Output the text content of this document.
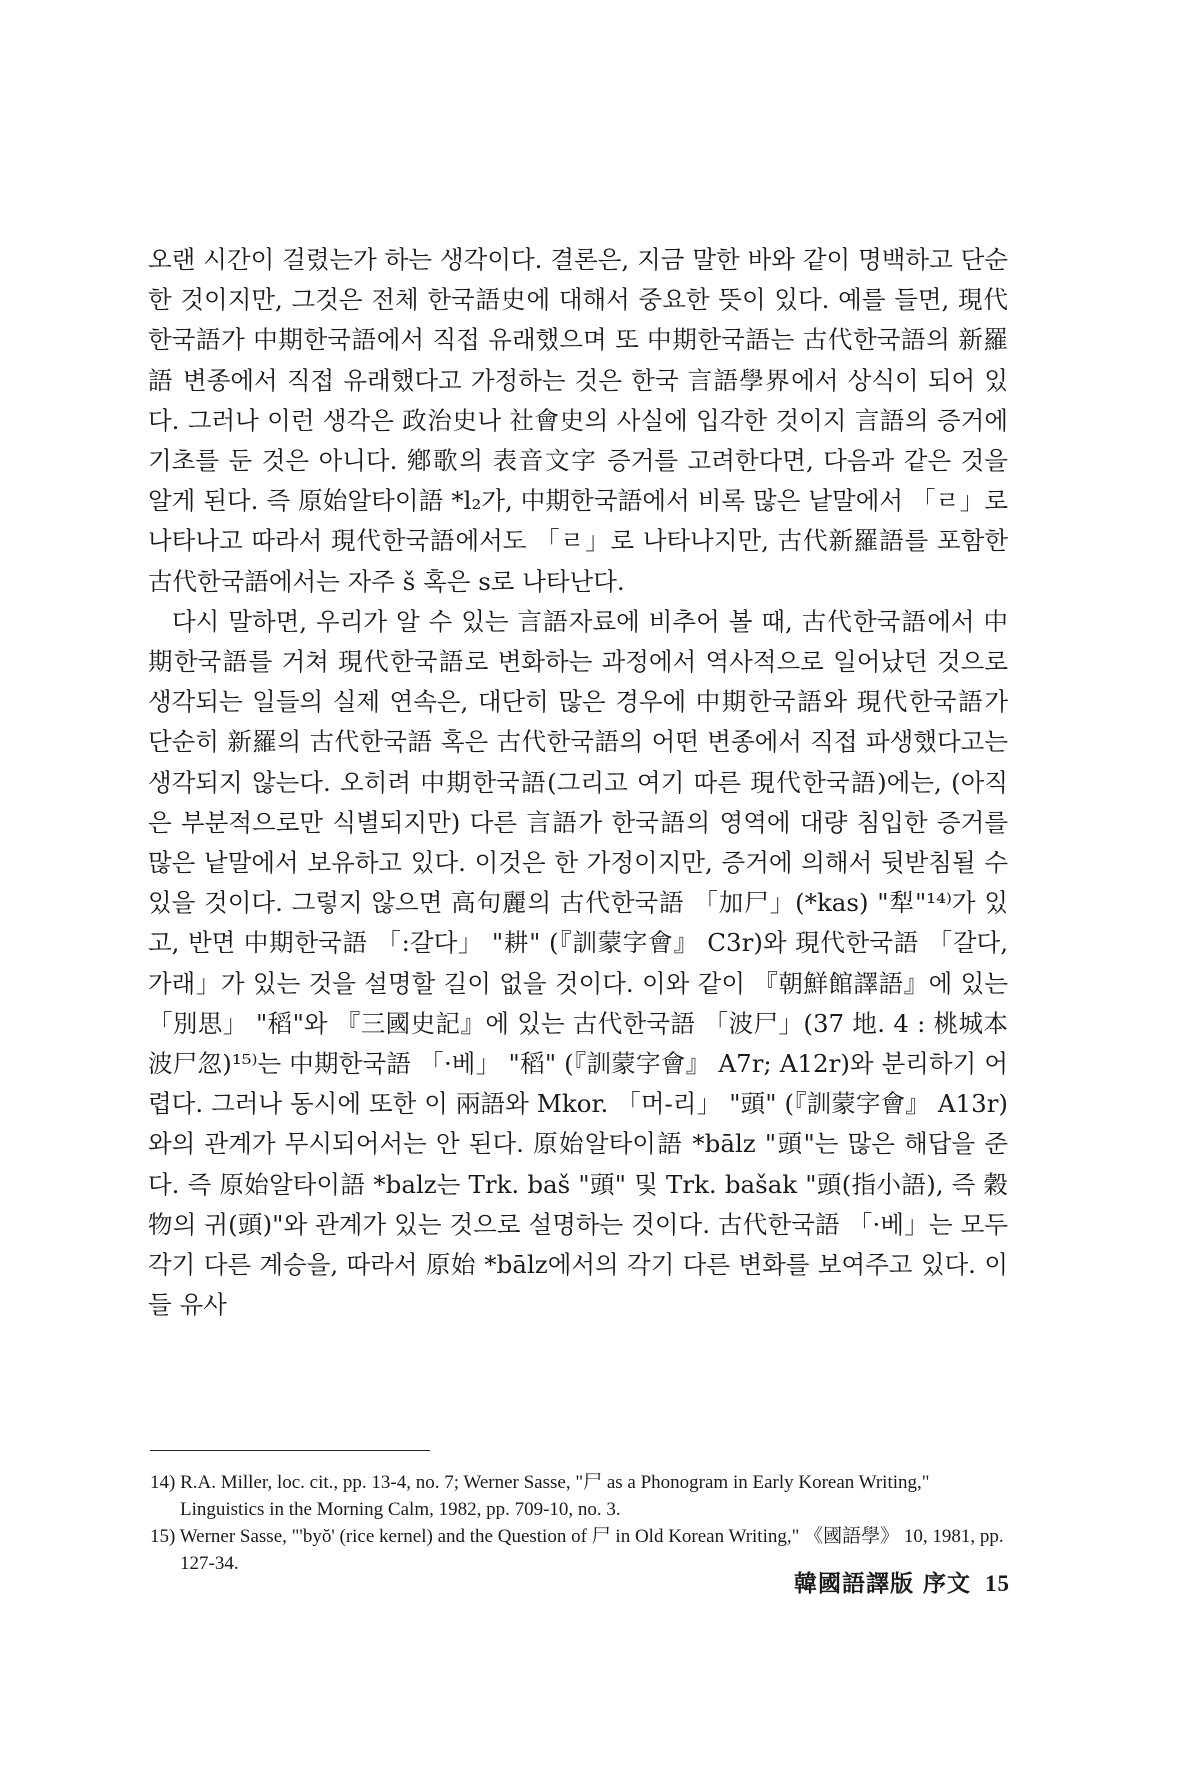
오랜 시간이 걸렸는가 하는 생각이다. 결론은, 지금 말한 바와 같이 명백하고 단순한 것이지만, 그것은 전체 한국語史에 대해서 중요한 뜻이 있다. 예를 들면, 現代한국語가 中期한국語에서 직접 유래했으며 또 中期한국語는 古代한국語의 新羅語 변종에서 직접 유래했다고 가정하는 것은 한국 言語學界에서 상식이 되어 있다. 그러나 이런 생각은 政治史나 社會史의 사실에 입각한 것이지 言語의 증거에 기초를 둔 것은 아니다. 鄕歌의 表音文字 증거를 고려한다면, 다음과 같은 것을 알게 된다. 즉 原始알타이語 *l₂가, 中期한국語에서 비록 많은 낱말에서 「ㄹ」로 나타나고 따라서 現代한국語에서도 「ㄹ」로 나타나지만, 古代新羅語를 포함한 古代한국語에서는 자주 š 혹은 s로 나타난다.

다시 말하면, 우리가 알 수 있는 言語자료에 비추어 볼 때, 古代한국語에서 中期한국語를 거쳐 現代한국語로 변화하는 과정에서 역사적으로 일어났던 것으로 생각되는 일들의 실제 연속은, 대단히 많은 경우에 中期한국語와 現代한국語가 단순히 新羅의 古代한국語 혹은 古代한국語의 어떤 변종에서 직접 파생했다고는 생각되지 않는다. 오히려 中期한국語(그리고 여기 따른 現代한국語)에는, (아직은 부분적으로만 식별되지만) 다른 言語가 한국語의 영역에 대량 침입한 증거를 많은 낱말에서 보유하고 있다. 이것은 한 가정이지만, 증거에 의해서 뒷받침될 수 있을 것이다. 그렇지 않으면 高句麗의 古代한국語 「加尸」(*kas) "犁"¹⁴⁾가 있고, 반면 中期한국語 「:갈다」 "耕" (『訓蒙字會』 C3r)와 現代한국語 「갈다, 가래」가 있는 것을 설명할 길이 없을 것이다. 이와 같이 『朝鮮館譯語』에 있는 「別思」 "稻"와 『三國史記』에 있는 古代한국語 「波尸」(37 地. 4 : 桃城本波尸忽)¹⁵⁾는 中期한국語 「·베」 "稻" (『訓蒙字會』 A7r; A12r)와 분리하기 어렵다. 그러나 동시에 또한 이 兩語와 Mkor. 「머-리」 "頭" (『訓蒙字會』 A13r)와의 관계가 무시되어서는 안 된다. 原始알타이語 *bālz "頭"는 많은 해답을 준다. 즉 原始알타이語 *balz는 Trk. baš "頭" 및 Trk. bašak "頭(指小語), 즉 穀物의 귀(頭)"와 관계가 있는 것으로 설명하는 것이다. 古代한국語 「·베」는 모두 각기 다른 계승을, 따라서 原始 *bālz에서의 각기 다른 변화를 보여주고 있다. 이들 유사

14) R.A. Miller, loc. cit., pp. 13-4, no. 7; Werner Sasse, "尸 as a Phonogram in Early Korean Writing," Linguistics in the Morning Calm, 1982, pp. 709-10, no. 3.

15) Werner Sasse, "'byŏ' (rice kernel) and the Question of 尸 in Old Korean Writing," 《國語學》 10, 1981, pp. 127-34.

韓國語譯版 序文 15
